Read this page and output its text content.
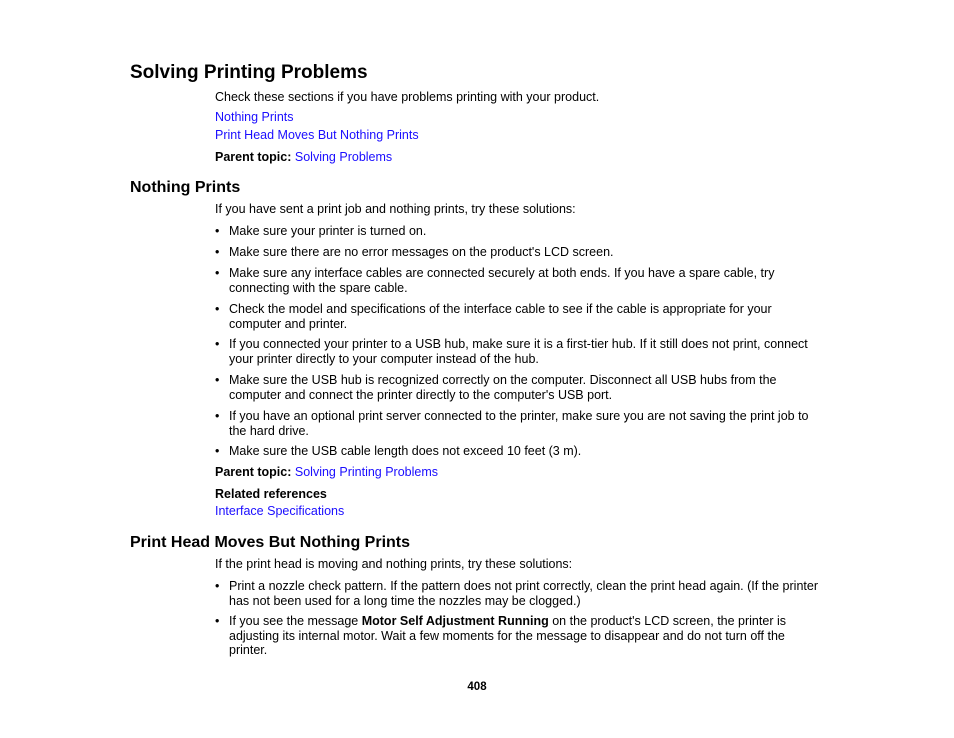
Solving Printing Problems

Check these sections if you have problems printing with your product.

Nothing Prints

Print Head Moves But Nothing Prints

Parent topic: Solving Problems

Nothing Prints

If you have sent a print job and nothing prints, try these solutions:

• Make sure your printer is turned on.
• Make sure there are no error messages on the product's LCD screen.
• Make sure any interface cables are connected securely at both ends. If you have a spare cable, try connecting with the spare cable.
• Check the model and specifications of the interface cable to see if the cable is appropriate for your computer and printer.
• If you connected your printer to a USB hub, make sure it is a first-tier hub. If it still does not print, connect your printer directly to your computer instead of the hub.
• Make sure the USB hub is recognized correctly on the computer. Disconnect all USB hubs from the computer and connect the printer directly to the computer's USB port.
• If you have an optional print server connected to the printer, make sure you are not saving the print job to the hard drive.
• Make sure the USB cable length does not exceed 10 feet (3 m).

Parent topic: Solving Printing Problems

Related references

Interface Specifications

Print Head Moves But Nothing Prints

If the print head is moving and nothing prints, try these solutions:

• Print a nozzle check pattern. If the pattern does not print correctly, clean the print head again. (If the printer has not been used for a long time the nozzles may be clogged.)
• If you see the message Motor Self Adjustment Running on the product's LCD screen, the printer is adjusting its internal motor. Wait a few moments for the message to disappear and do not turn off the printer.
408
